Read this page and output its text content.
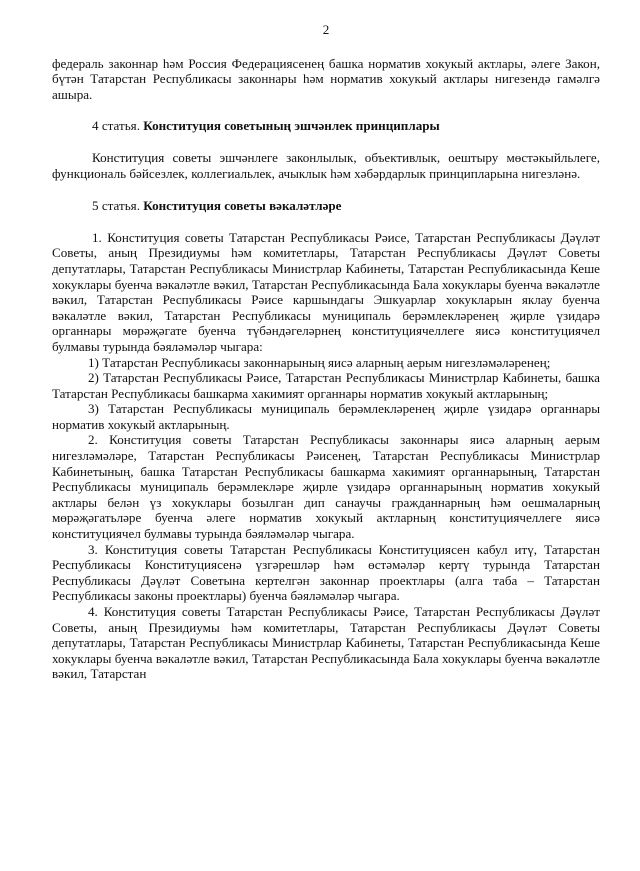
2

федераль законнар һәм Россия Федерациясенең башка норматив хокукый актлары, әлеге Закон, бүтән Татарстан Республикасы законнары һәм норматив хокукый актлары нигезендә гамәлгә ашыра.

4 статья. Конституция советының эшчәнлек принциплары

Конституция советы эшчәнлеге законлылык, объективлык, оештыру мөстәкыйльлеге, функциональ бәйсезлек, коллегиальлек, ачыклык һәм хәбәрдарлык принципларына нигезләнә.

5 статья. Конституция советы вәкаләтләре

1. Конституция советы Татарстан Республикасы Рәисе, Татарстан Республикасы Дәүләт Советы, аның Президиумы һәм комитетлары, Татарстан Республикасы Дәүләт Советы депутатлары, Татарстан Республикасы Министрлар Кабинеты, Татарстан Республикасында Кеше хокуклары буенча вәкаләтле вәкил, Татарстан Республикасында Бала хокуклары буенча вәкаләтле вәкил, Татарстан Республикасы Рәисе каршындагы Эшкуарлар хокукларын яклау буенча вәкаләтле вәкил, Татарстан Республикасы муниципаль берәмлекләренең җирле үзидарә органнары мөрәҗәгате буенча түбәндәгеләрнең конституциячеллеге яисә конституциячел булмавы турында бәяләмәләр чыгара:

1) Татарстан Республикасы законнарының яисә аларның аерым нигезләмәләренең;

2) Татарстан Республикасы Рәисе, Татарстан Республикасы Министрлар Кабинеты, башка Татарстан Республикасы башкарма хакимият органнары норматив хокукый актларының;

3) Татарстан Республикасы муниципаль берәмлекләренең җирле үзидарә органнары норматив хокукый актларының.

2. Конституция советы Татарстан Республикасы законнары яисә аларның аерым нигезләмәләре, Татарстан Республикасы Рәисенең, Татарстан Республикасы Министрлар Кабинетының, башка Татарстан Республикасы башкарма хакимият органнарының, Татарстан Республикасы муниципаль берәмлекләре җирле үзидарә органнарының норматив хокукый актлары белән үз хокуклары бозылган дип санаучы гражданнарның һәм оешмаларның мөрәҗәгатьләре буенча әлеге норматив хокукый актларның конституциячеллеге яисә конституциячел булмавы турында бәяләмәләр чыгара.

3. Конституция советы Татарстан Республикасы Конституциясен кабул итү, Татарстан Республикасы Конституциясенә үзгәрешләр һәм өстәмәләр кертү турында Татарстан Республикасы Дәүләт Советына кертелгән законнар проектлары (алга таба – Татарстан Республикасы законы проектлары) буенча бәяләмәләр чыгара.

4. Конституция советы Татарстан Республикасы Рәисе, Татарстан Республикасы Дәүләт Советы, аның Президиумы һәм комитетлары, Татарстан Республикасы Дәүләт Советы депутатлары, Татарстан Республикасы Министрлар Кабинеты, Татарстан Республикасында Кеше хокуклары буенча вәкаләтле вәкил, Татарстан Республикасында Бала хокуклары буенча вәкаләтле вәкил, Татарстан
